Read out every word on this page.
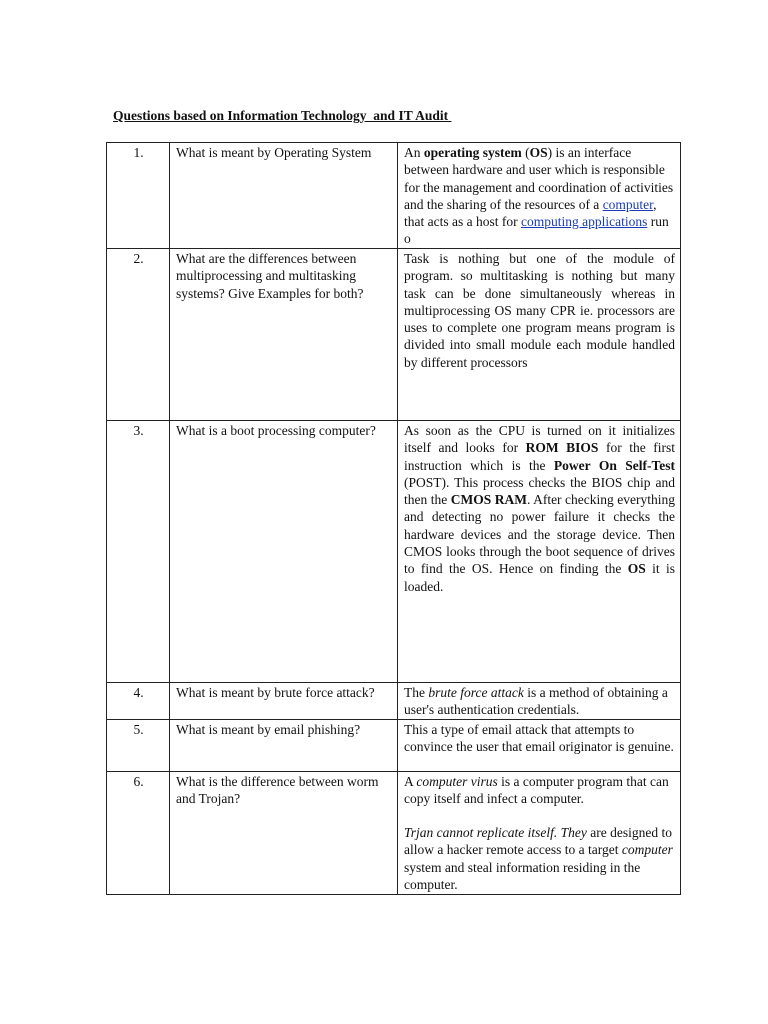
Questions based on Information Technology  and IT Audit
1.	What is meant by Operating System	An operating system (OS) is an interface between hardware and user which is responsible for the management and coordination of activities and the sharing of the resources of a computer, that acts as a host for computing applications run o
2.	What are the differences between multiprocessing and multitasking systems? Give Examples for both?	Task is nothing but one of the module of program. so multitasking is nothing but many task can be done simultaneously whereas in multiprocessing OS many CPR ie. processors are uses to complete one program means program is divided into small module each module handled by different processors
3.	What is a boot processing computer?	As soon as the CPU is turned on it initializes itself and looks for ROM BIOS for the first instruction which is the Power On Self-Test (POST). This process checks the BIOS chip and then the CMOS RAM. After checking everything and detecting no power failure it checks the hardware devices and the storage device. Then CMOS looks through the boot sequence of drives to find the OS. Hence on finding the OS it is loaded.
4.	What is meant by brute force attack?	The brute force attack is a method of obtaining a user's authentication credentials.
5.	What is meant by email phishing?	This a type of email attack that attempts to convince the user that email originator is genuine.
6.	What is the difference between worm and Trojan?	A computer virus is a computer program that can copy itself and infect a computer.

Trjan cannot replicate itself. They are designed to allow a hacker remote access to a target computer system and steal information residing in the computer.
